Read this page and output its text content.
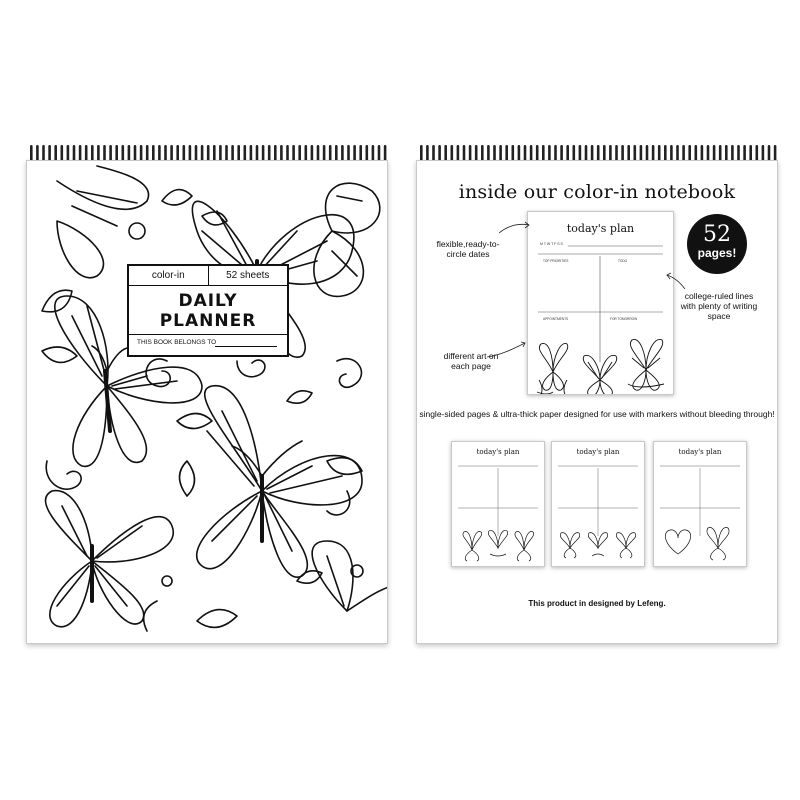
color-in	52 sheets
DAILY PLANNER
THIS BOOK BELONGS TO
inside our color-in notebook
52
pages!
today's plan
M T W T F S S
TOP PRIORITIES	TODO
APPOINTMENTS	FOR TOMORROW
flexible,ready-to-circle dates
college-ruled lines with plenty of writing space
different art on each page
single-sided pages & ultra-thick paper designed for use with markers without bleeding through!
today's plan	today's plan	today's plan
This product in designed by Lefeng.
